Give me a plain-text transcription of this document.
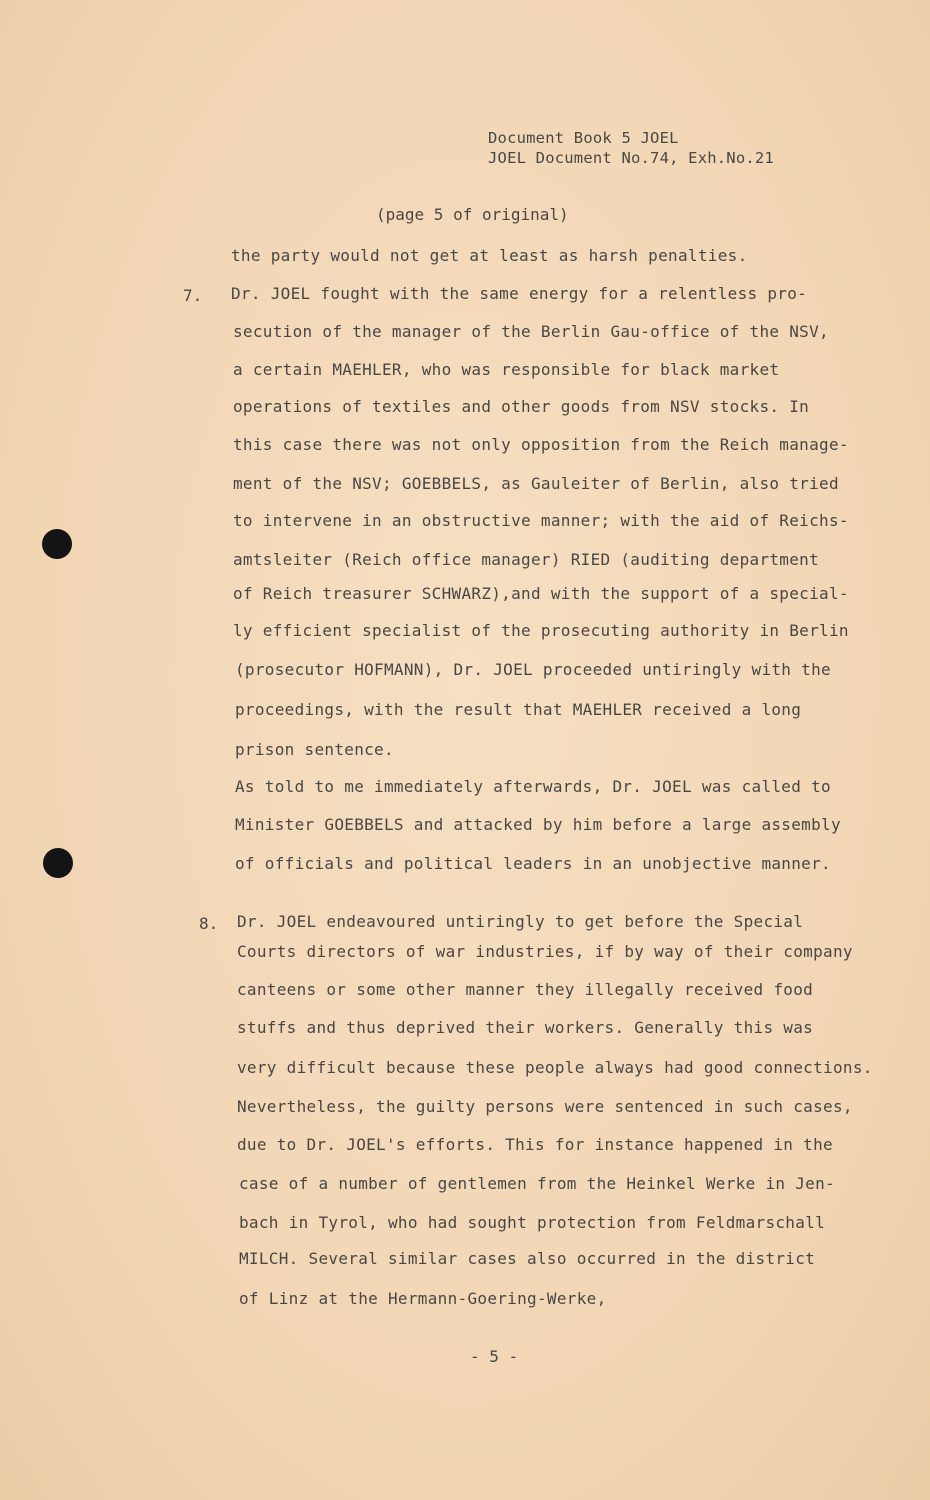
Document Book 5 JOEL
JOEL Document No.74, Exh.No.21
(page 5 of original)
the party would not get at least as harsh penalties.
7. Dr. JOEL fought with the same energy for a relentless pro-
secution of the manager of the Berlin Gau-office of the NSV,
a certain MAEHLER, who was responsible for black market
operations of textiles and other goods from NSV stocks. In
this case there was not only opposition from the Reich manage-
ment of the NSV; GOEBBELS, as Gauleiter of Berlin, also tried
to intervene in an obstructive manner; with the aid of Reichs-
amtsleiter (Reich office manager) RIED (auditing department
of Reich treasurer SCHWARZ),and with the support of a special-
ly efficient specialist of the prosecuting authority in Berlin
(prosecutor HOFMANN), Dr. JOEL proceeded untiringly with the
proceedings, with the result that MAEHLER received a long
prison sentence.
As told to me immediately afterwards, Dr. JOEL was called to
Minister GOEBBELS and attacked by him before a large assembly
of officials and political leaders in an unobjective manner.
8. Dr. JOEL endeavoured untiringly to get before the Special
Courts directors of war industries, if by way of their company
canteens or some other manner they illegally received food
stuffs and thus deprived their workers. Generally this was
very difficult because these people always had good connections.
Nevertheless, the guilty persons were sentenced in such cases,
due to Dr. JOEL's efforts. This for instance happened in the
case of a number of gentlemen from the Heinkel Werke in Jen-
bach in Tyrol, who had sought protection from Feldmarschall
MILCH. Several similar cases also occurred in the district
of Linz at the Hermann-Goering-Werke,
- 5 -
